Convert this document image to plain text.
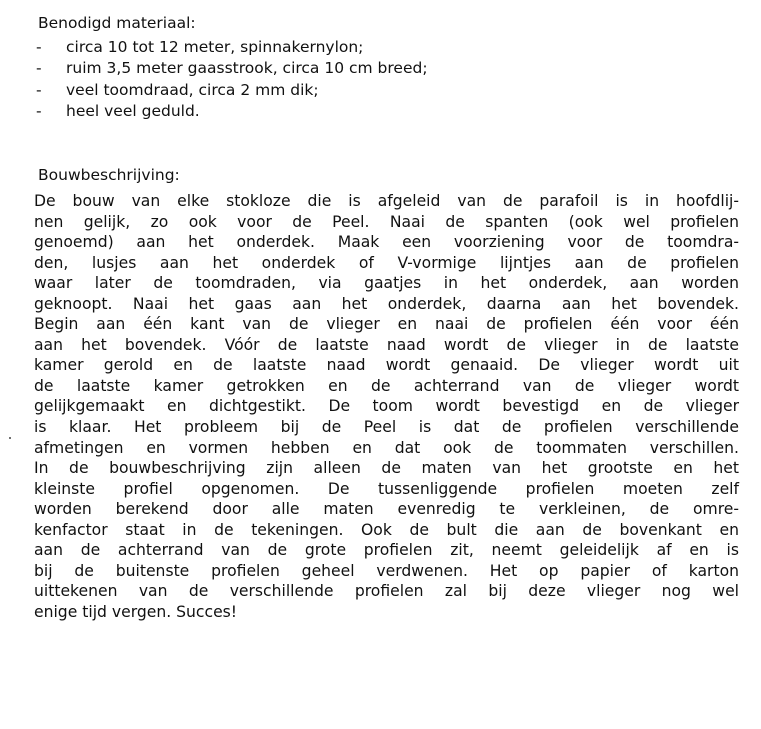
Benodigd materiaal:
-	circa 10 tot 12 meter, spinnakernylon;
-	ruim 3,5 meter gaasstrook, circa 10 cm breed;
-	veel toomdraad, circa 2 mm dik;
-	heel veel geduld.
Bouwbeschrijving:
De bouw van elke stokloze die is afgeleid van de parafoil is in hoofdlij-
nen gelijk, zo ook voor de Peel. Naai de spanten (ook wel profielen
genoemd) aan het onderdek. Maak een voorziening voor de toomdra-
den, lusjes aan het onderdek of V-vormige lijntjes aan de profielen
waar later de toomdraden, via gaatjes in het onderdek, aan worden
geknoopt. Naai het gaas aan het onderdek, daarna aan het bovendek.
Begin aan één kant van de vlieger en naai de profielen één voor één
aan het bovendek. Vóór de laatste naad wordt de vlieger in de laatste
kamer gerold en de laatste naad wordt genaaid. De vlieger wordt uit
de laatste kamer getrokken en de achterrand van de vlieger wordt
gelijkgemaakt en dichtgestikt. De toom wordt bevestigd en de vlieger
is klaar. Het probleem bij de Peel is dat de profielen verschillende
afmetingen en vormen hebben en dat ook de toommaten verschillen.
In de bouwbeschrijving zijn alleen de maten van het grootste en het
kleinste profiel opgenomen. De tussenliggende profielen moeten zelf
worden berekend door alle maten evenredig te verkleinen, de omre-
kenfactor staat in de tekeningen. Ook de bult die aan de bovenkant en
aan de achterrand van de grote profielen zit, neemt geleidelijk af en is
bij de buitenste profielen geheel verdwenen. Het op papier of karton
uittekenen van de verschillende profielen zal bij deze vlieger nog wel
enige tijd vergen. Succes!
